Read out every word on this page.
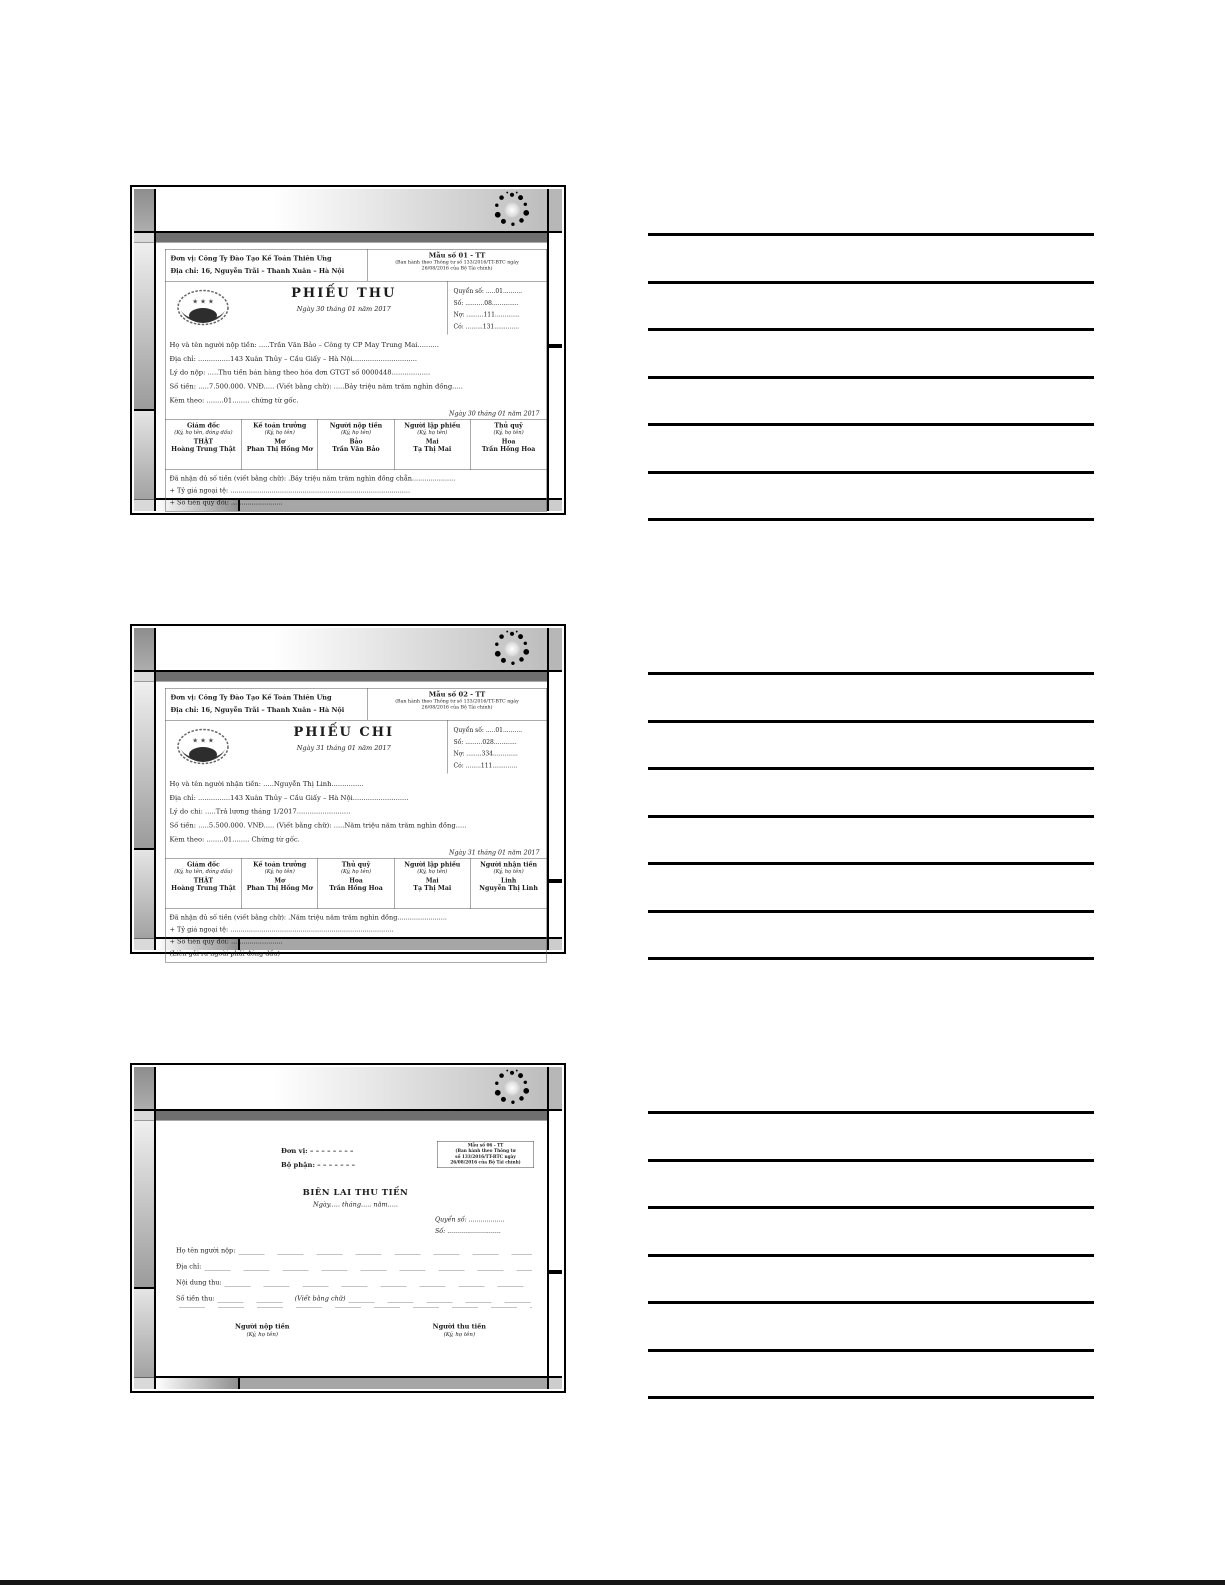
Đơn vị: Công Ty Đào Tạo Kế Toán Thiên Ưng
Địa chỉ: 16, Nguyễn Trãi – Thanh Xuân – Hà Nội
Mẫu số 01 - TT
(Ban hành theo Thông tư số 133/2016/TT-BTC ngày
26/08/2016 của Bộ Tài chính)
★ ★ ★
PHIẾU THU
Ngày 30 tháng 01 năm 2017
Quyển số: .....01..........
Số: ..........08..............
Nợ: .........111.............
Có: .........131.............
Họ và tên người nộp tiền: .....Trần Văn Bảo – Công ty CP May Trung Mai..........
Địa chỉ: ...............143 Xuân Thủy – Cầu Giấy – Hà Nội..............................
Lý do nộp: .....Thu tiền bán hàng theo hóa đơn GTGT số 0000448..................
Số tiền: .....7.500.000. VNĐ..... (Viết bằng chữ): .....Bảy triệu năm trăm nghìn đồng.....
Kèm theo: ........01........ chứng từ gốc.
Ngày 30 tháng 01 năm 2017
Giám đốc
(Ký, họ tên, đóng dấu)
THẬT
Hoàng Trung Thật
Kế toán trưởng
(Ký, họ tên)
Mơ
Phan Thị Hồng Mơ
Người nộp tiền
(Ký, họ tên)
Bảo
Trần Văn Bảo
Người lập phiếu
(Ký, họ tên)
Mai
Tạ Thị Mai
Thủ quỹ
(Ký, họ tên)
Hoa
Trần Hồng Hoa
Đã nhận đủ số tiền (viết bằng chữ): .Bảy triệu năm trăm nghìn đồng chẵn.....................
+ Tỷ giá ngoại tệ: .......................................................................................
+ Số tiền quy đổi: .........................
Đơn vị: Công Ty Đào Tạo Kế Toán Thiên Ưng
Địa chỉ: 16, Nguyễn Trãi – Thanh Xuân – Hà Nội
Mẫu số 02 - TT
(Ban hành theo Thông tư số 133/2016/TT-BTC ngày
26/08/2016 của Bộ Tài chính)
★ ★ ★
PHIẾU CHI
Ngày 31 tháng 01 năm 2017
Quyển số: .....01..........
Số: .........028............
Nợ: ........334.............
Có: ........111.............
Họ và tên người nhận tiền: .....Nguyễn Thị Linh...............
Địa chỉ: ...............143 Xuân Thủy – Cầu Giấy – Hà Nội..........................
Lý do chi: .....Trả lương tháng 1/2017.........................
Số tiền: .....5.500.000. VNĐ..... (Viết bằng chữ): .....Năm triệu năm trăm nghìn đồng.....
Kèm theo: ........01........ Chứng từ gốc.
Ngày 31 tháng 01 năm 2017
Giám đốc
(Ký, họ tên, đóng dấu)
THẬT
Hoàng Trung Thật
Kế toán trưởng
(Ký, họ tên)
Mơ
Phan Thị Hồng Mơ
Thủ quỹ
(Ký, họ tên)
Hoa
Trần Hồng Hoa
Người lập phiếu
(Ký, họ tên)
Mai
Tạ Thị Mai
Người nhận tiền
(Ký, họ tên)
Linh
Nguyễn Thị Linh
Đã nhận đủ số tiền (viết bằng chữ): .Năm triệu năm trăm nghìn đồng........................
+ Tỷ giá ngoại tệ: ...............................................................................
+ Số tiền quy đổi: .........................
(Liên gửi ra ngoài phải đóng dấu)
Mẫu số 06 - TT
(Ban hành theo Thông tư
số 133/2016/TT-BTC ngày
26/08/2016 của Bộ Tài chính)
Đơn vị: – – – – – – – –
Bộ phận: – – – – – – –
BIÊN LAI THU TIỀN
Ngày..... tháng..... năm.....
Quyển số: ..................
Số: ...........................
Họ tên người nộp:
Địa chỉ:
Nội dung thu:
Số tiền thu:	(Viết bằng chữ)
Người nộp tiền
(Ký, họ tên)
Người thu tiền
(Ký, họ tên)
